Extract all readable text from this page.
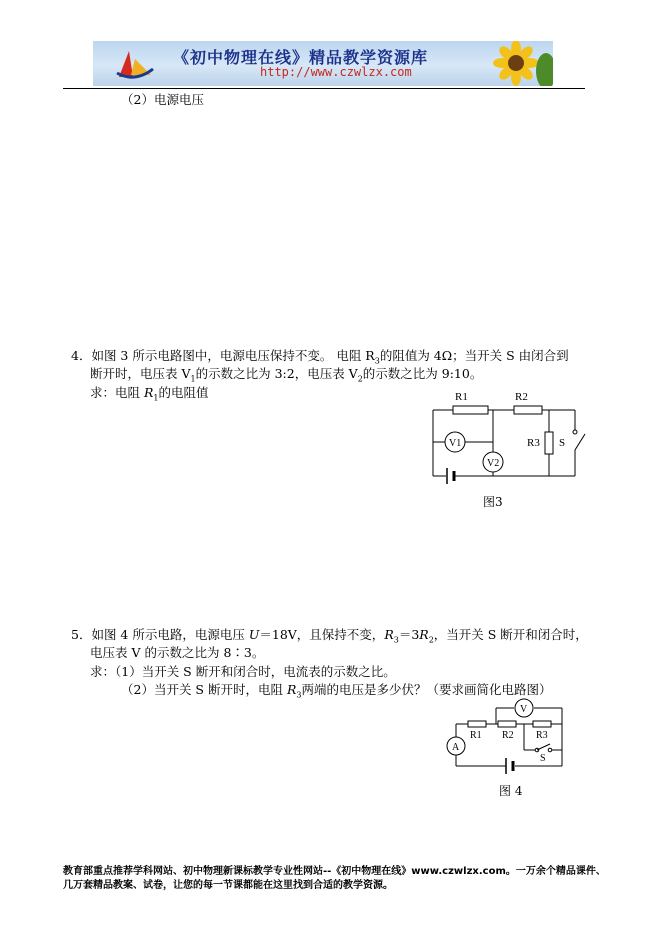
《初中物理在线》精品教学资源库
http://www.czwlzx.com
（2）电源电压
4．如图 3 所示电路图中，电源电压保持不变。 电阻 $R_3$的阻值为 4Ω；当开关 S 由闭合到
断开时，电压表 $V_1$的示数之比为 3:2，电压表 $V_2$的示数之比为 9:10。
求：电阻 $R_1$的电阻值	R1	R2
R3
V1
V2
S
图3
5．如图 4 所示电路，电源电压 U＝18V，且保持不变，$R_3=3R_2$，当开关 S 断开和闭合时，
电压表 V 的示数之比为 8∶3。
求：（1）当开关 S 断开和闭合时，电流表的示数之比。
（2）当开关 S 断开时，电阻 $R_3$两端的电压是多少伏？（要求画简化电路图）
R1 R2 R3
V
A
S
图 4
教育部重点推荐学科网站、初中物理新课标教学专业性网站--《初中物理在线》www.czwlzx.com。一万余个精品课件、
几万套精品教案、试卷，让您的每一节课都能在这里找到合适的教学资源。
